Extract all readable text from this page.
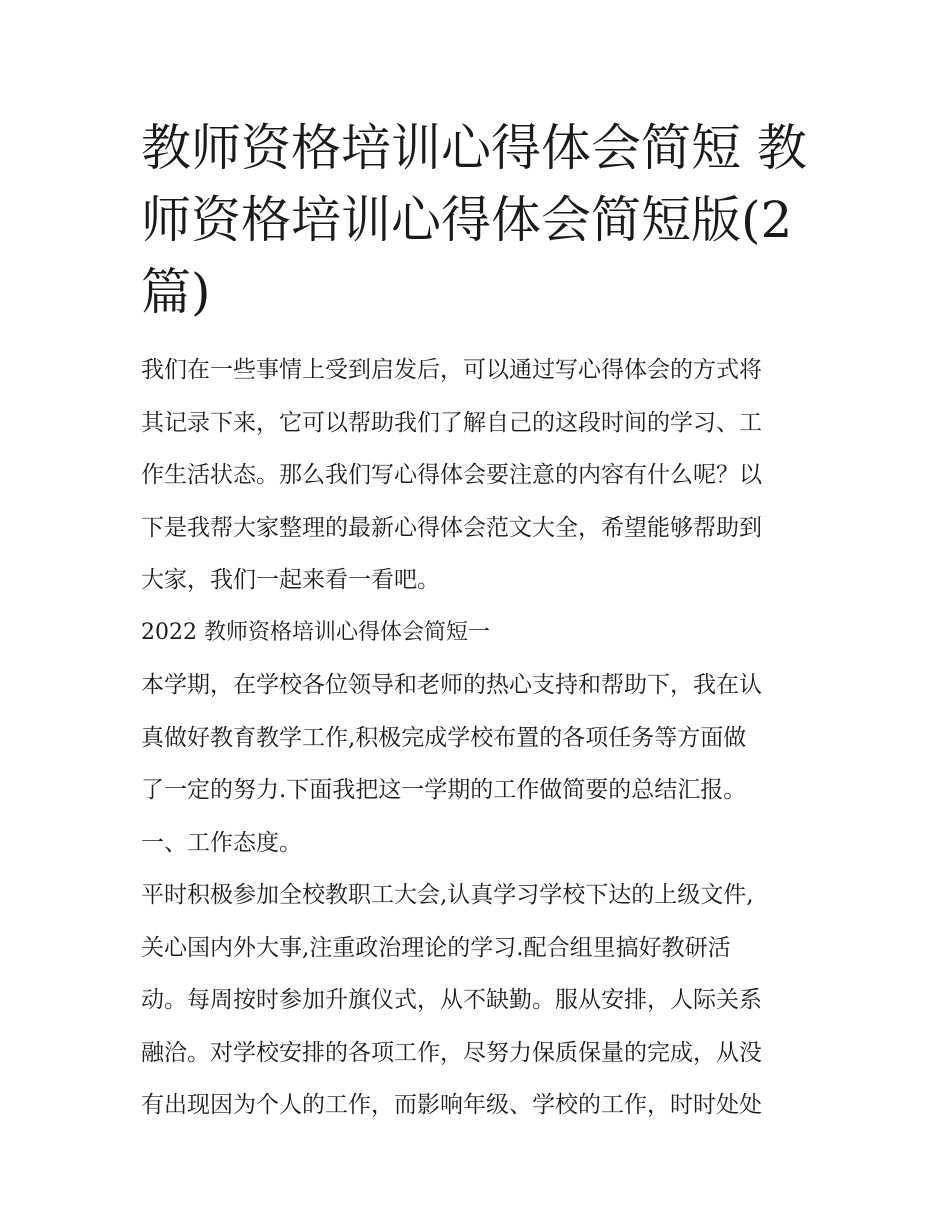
教师资格培训心得体会简短 教
师资格培训心得体会简短版(2
篇)

我们在一些事情上受到启发后，可以通过写心得体会的方式将
其记录下来，它可以帮助我们了解自己的这段时间的学习、工
作生活状态。那么我们写心得体会要注意的内容有什么呢？以
下是我帮大家整理的最新心得体会范文大全，希望能够帮助到
大家，我们一起来看一看吧。

2022 教师资格培训心得体会简短一

本学期，在学校各位领导和老师的热心支持和帮助下，我在认
真做好教育教学工作,积极完成学校布置的各项任务等方面做
了一定的努力.下面我把这一学期的工作做简要的总结汇报。

一、工作态度。

平时积极参加全校教职工大会,认真学习学校下达的上级文件,
关心国内外大事,注重政治理论的学习.配合组里搞好教研活
动。每周按时参加升旗仪式，从不缺勤。服从安排，人际关系
融洽。对学校安排的各项工作，尽努力保质保量的完成，从没
有出现因为个人的工作，而影响年级、学校的工作，时时处处
